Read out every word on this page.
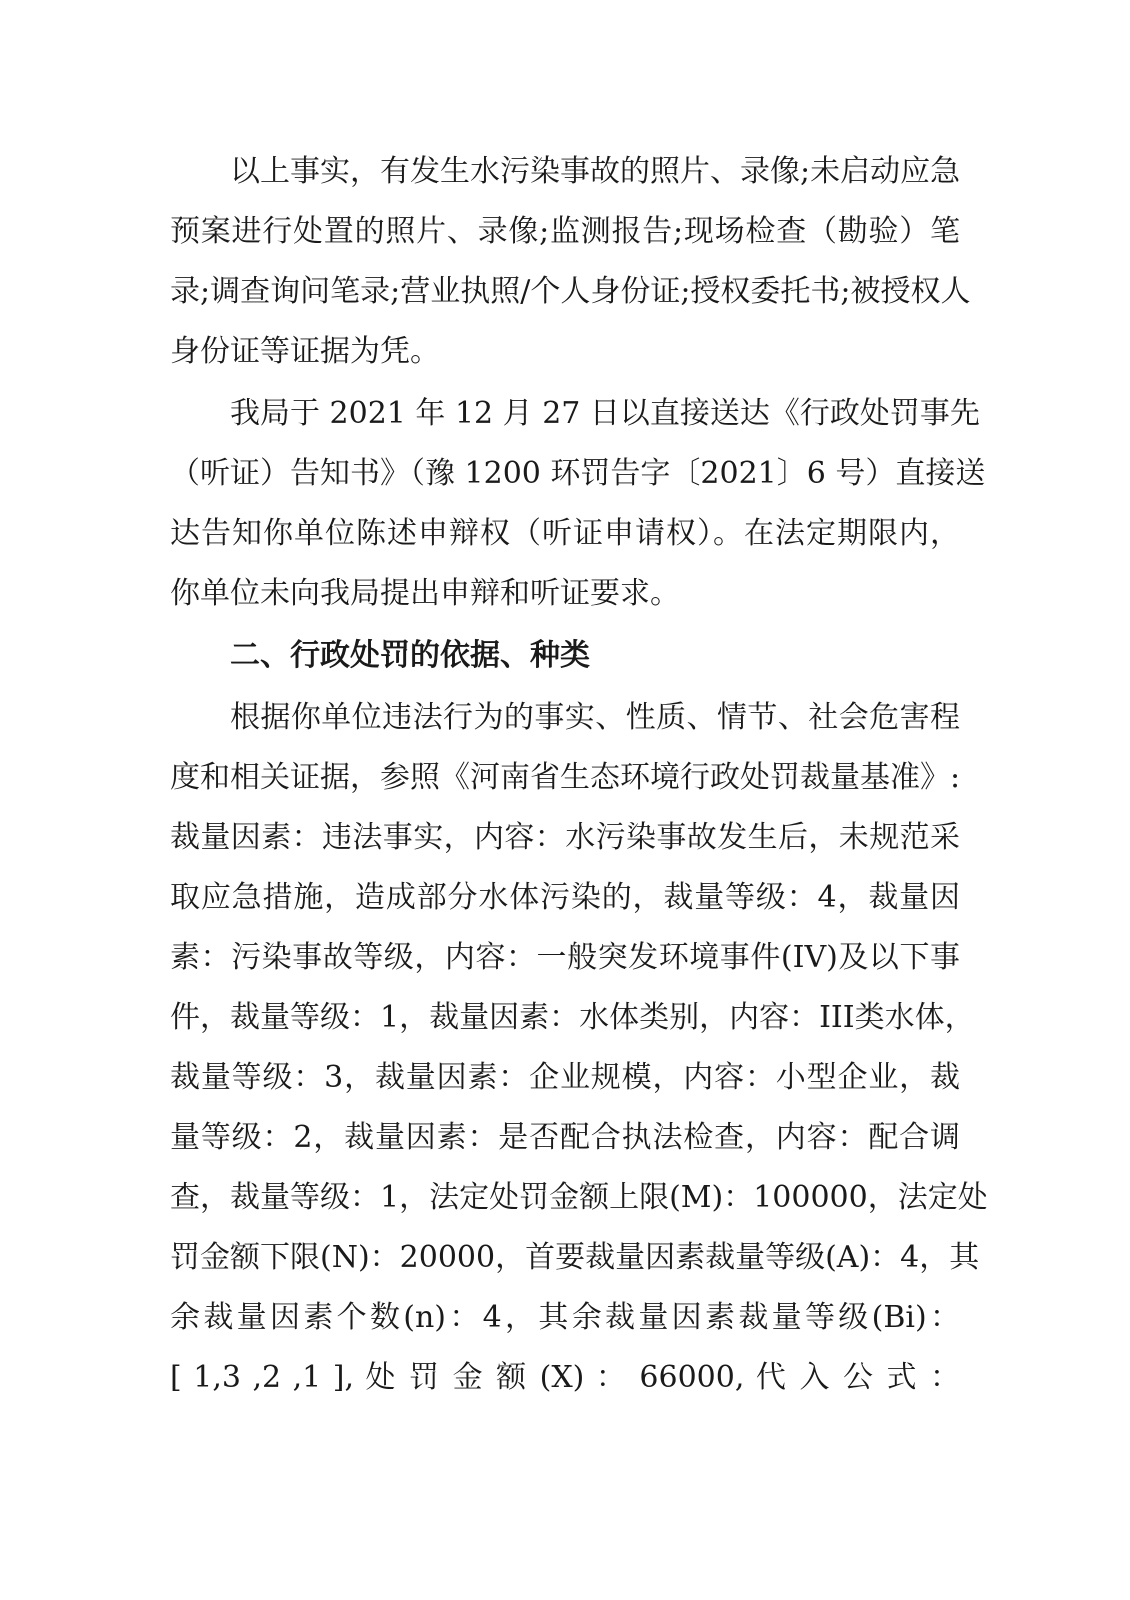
以上事实，有发生水污染事故的照片、录像;未启动应急
预案进行处置的照片、录像;监测报告;现场检查（勘验）笔
录;调查询问笔录;营业执照/个人身份证;授权委托书;被授权人
身份证等证据为凭。
我局于 2021 年 12 月 27 日以直接送达《行政处罚事先
（听证）告知书》（豫 1200 环罚告字〔2021〕6 号）直接送
达告知你单位陈述申辩权（听证申请权）。在法定期限内，
你单位未向我局提出申辩和听证要求。
二、行政处罚的依据、种类
根据你单位违法行为的事实、性质、情节、社会危害程
度和相关证据，参照《河南省生态环境行政处罚裁量基准》:
裁量因素：违法事实，内容：水污染事故发生后，未规范采
取应急措施，造成部分水体污染的，裁量等级：4，裁量因
素：污染事故等级，内容：一般突发环境事件(IV)及以下事
件，裁量等级：1，裁量因素：水体类别，内容：III类水体，
裁量等级：3，裁量因素：企业规模，内容：小型企业，裁
量等级：2，裁量因素：是否配合执法检查，内容：配合调
查，裁量等级：1，法定处罚金额上限(M)：100000，法定处
罚金额下限(N)：20000，首要裁量因素裁量等级(A)：4，其
余裁量因素个数(n)：4，其余裁量因素裁量等级(Bi)：
[ 1,3 ,2 ,1 ], 处 罚 金 额 (X) ： 66000, 代 入 公 式 ：
